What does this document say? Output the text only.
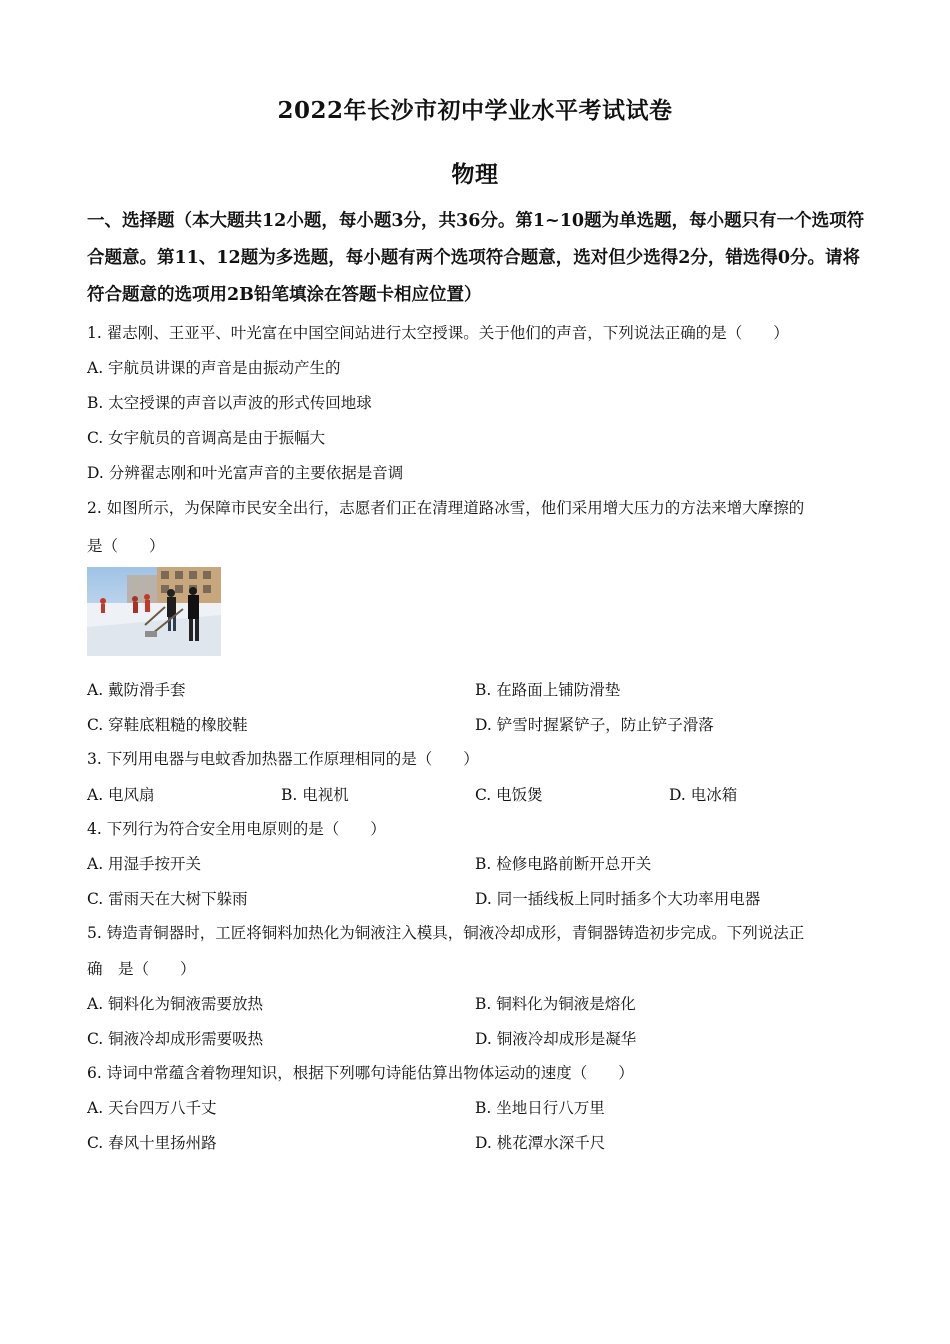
2022年长沙市初中学业水平考试试卷
物理
一、选择题（本大题共12小题，每小题3分，共36分。第1~10题为单选题，每小题只有一个选项符合题意。第11、12题为多选题，每小题有两个选项符合题意，选对但少选得2分，错选得0分。请将符合题意的选项用2B铅笔填涂在答题卡相应位置）
1. 翟志刚、王亚平、叶光富在中国空间站进行太空授课。关于他们的声音，下列说法正确的是（　　）
A. 宇航员讲课的声音是由振动产生的
B. 太空授课的声音以声波的形式传回地球
C. 女宇航员的音调高是由于振幅大
D. 分辨翟志刚和叶光富声音的主要依据是音调
2. 如图所示，为保障市民安全出行，志愿者们正在清理道路冰雪，他们采用增大压力的方法来增大摩擦的
是（　　）
A. 戴防滑手套	B. 在路面上铺防滑垫
C. 穿鞋底粗糙的橡胶鞋	D. 铲雪时握紧铲子，防止铲子滑落
3. 下列用电器与电蚊香加热器工作原理相同的是（　　）
A. 电风扇	B. 电视机	C. 电饭煲	D. 电冰箱
4. 下列行为符合安全用电原则的是（　　）
A. 用湿手按开关	B. 检修电路前断开总开关
C. 雷雨天在大树下躲雨	D. 同一插线板上同时插多个大功率用电器
5. 铸造青铜器时，工匠将铜料加热化为铜液注入模具，铜液冷却成形，青铜器铸造初步完成。下列说法正
确　是（　　）
A. 铜料化为铜液需要放热	B. 铜料化为铜液是熔化
C. 铜液冷却成形需要吸热	D. 铜液冷却成形是凝华
6. 诗词中常蕴含着物理知识，根据下列哪句诗能估算出物体运动的速度（　　）
A. 天台四万八千丈	B. 坐地日行八万里
C. 春风十里扬州路	D. 桃花潭水深千尺
